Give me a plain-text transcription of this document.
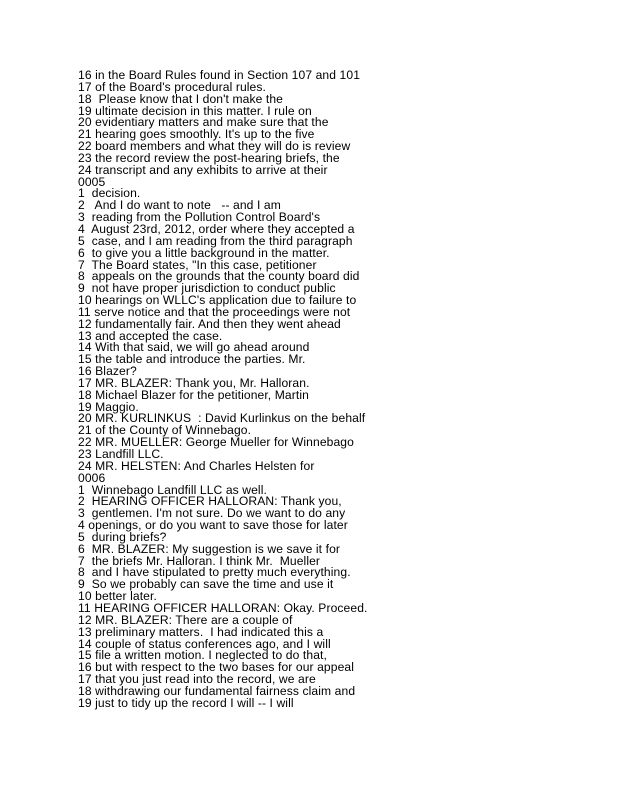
16 in the Board Rules found in Section 107 and 101
17 of the Board's procedural rules.
18  Please know that I don't make the
19 ultimate decision in this matter. I rule on
20 evidentiary matters and make sure that the
21 hearing goes smoothly. It's up to the five
22 board members and what they will do is review
23 the record review the post-hearing briefs, the
24 transcript and any exhibits to arrive at their
0005
1  decision.
2   And I do want to note   -- and I am
3  reading from the Pollution Control Board's
4  August 23rd, 2012, order where they accepted a
5  case, and I am reading from the third paragraph
6  to give you a little background in the matter.
7  The Board states, "In this case, petitioner
8  appeals on the grounds that the county board did
9  not have proper jurisdiction to conduct public
10 hearings on WLLC's application due to failure to
11 serve notice and that the proceedings were not
12 fundamentally fair. And then they went ahead
13 and accepted the case.
14 With that said, we will go ahead around
15 the table and introduce the parties. Mr.
16 Blazer?
17 MR. BLAZER: Thank you, Mr. Halloran.
18 Michael Blazer for the petitioner, Martin
19 Maggio.
20 MR. KURLINKUS  : David Kurlinkus on the behalf
21 of the County of Winnebago.
22 MR. MUELLER: George Mueller for Winnebago
23 Landfill LLC.
24 MR. HELSTEN: And Charles Helsten for
0006
1  Winnebago Landfill LLC as well.
2  HEARING OFFICER HALLORAN: Thank you,
3  gentlemen. I'm not sure. Do we want to do any
4 openings, or do you want to save those for later
5  during briefs?
6  MR. BLAZER: My suggestion is we save it for
7  the briefs Mr. Halloran. I think Mr.  Mueller
8  and I have stipulated to pretty much everything.
9  So we probably can save the time and use it
10 better later.
11 HEARING OFFICER HALLORAN: Okay. Proceed.
12 MR. BLAZER: There are a couple of
13 preliminary matters.  I had indicated this a
14 couple of status conferences ago, and I will
15 file a written motion. I neglected to do that,
16 but with respect to the two bases for our appeal
17 that you just read into the record, we are
18 withdrawing our fundamental fairness claim and
19 just to tidy up the record I will -- I will
